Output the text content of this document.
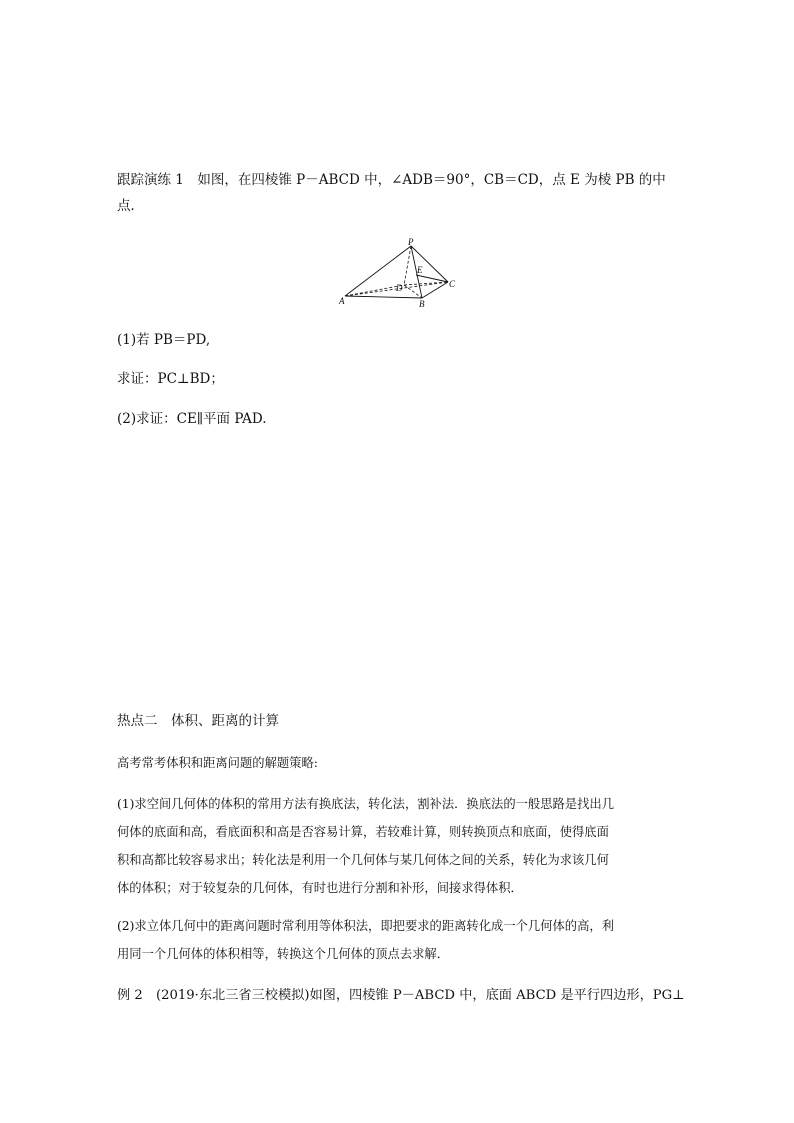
跟踪演练 1　如图，在四棱锥 P－ABCD 中，∠ADB＝90°，CB＝CD，点 E 为棱 PB 的中
点．
P
E
C
D
A	B
(1)若 PB＝PD,
求证：PC⊥BD；
(2)求证：CE∥平面 PAD.
热点二　体积、距离的计算
高考常考体积和距离问题的解题策略:
(1)求空间几何体的体积的常用方法有换底法，转化法，割补法．换底法的一般思路是找出几
何体的底面和高，看底面积和高是否容易计算，若较难计算，则转换顶点和底面，使得底面
积和高都比较容易求出；转化法是利用一个几何体与某几何体之间的关系，转化为求该几何
体的体积；对于较复杂的几何体，有时也进行分割和补形，间接求得体积．
(2)求立体几何中的距离问题时常利用等体积法，即把要求的距离转化成一个几何体的高，利
用同一个几何体的体积相等，转换这个几何体的顶点去求解．
例 2　(2019·东北三省三校模拟)如图，四棱锥 P－ABCD 中，底面 ABCD 是平行四边形，PG⊥
